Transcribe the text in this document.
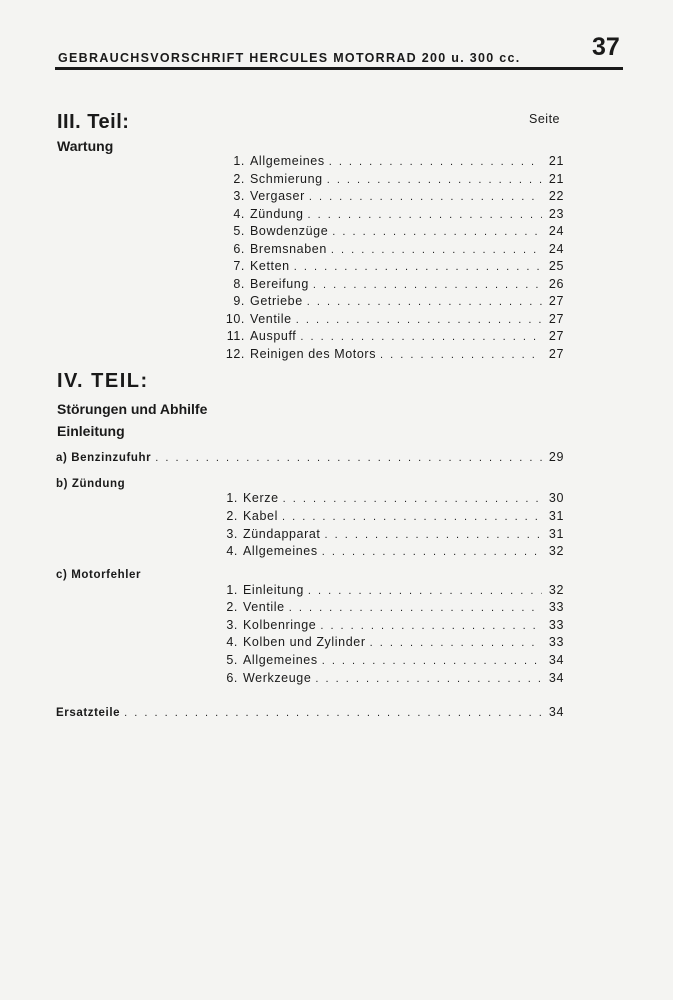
GEBRAUCHSVORSCHRIFT HERCULES MOTORRAD 200 u. 300 cc.	37
III. Teil:	Seite
Wartung
1. Allgemeines . . .	21
2. Schmierung . . .	21
3. Vergaser . . .	22
4. Zündung . . .	23
5. Bowdenzüge . . .	24
6. Bremsnaben . . .	24
7. Ketten . . .	25
8. Bereifung . . .	26
9. Getriebe . . .	27
10. Ventile . . .	27
11. Auspuff . . .	27
12. Reinigen des Motors . . .	27
IV. TEIL:
Störungen und Abhilfe
Einleitung
a) Benzinzufuhr . . .	29
b) Zündung
1. Kerze . . .	30
2. Kabel . . .	31
3. Zündapparat . . .	31
4. Allgemeines . . .	32
c) Motorfehler
1. Einleitung . . .	32
2. Ventile . . .	33
3. Kolbenringe . . .	33
4. Kolben und Zylinder . . .	33
5. Allgemeines . . .	34
6. Werkzeuge . . .	34
Ersatzteile . . .	34
